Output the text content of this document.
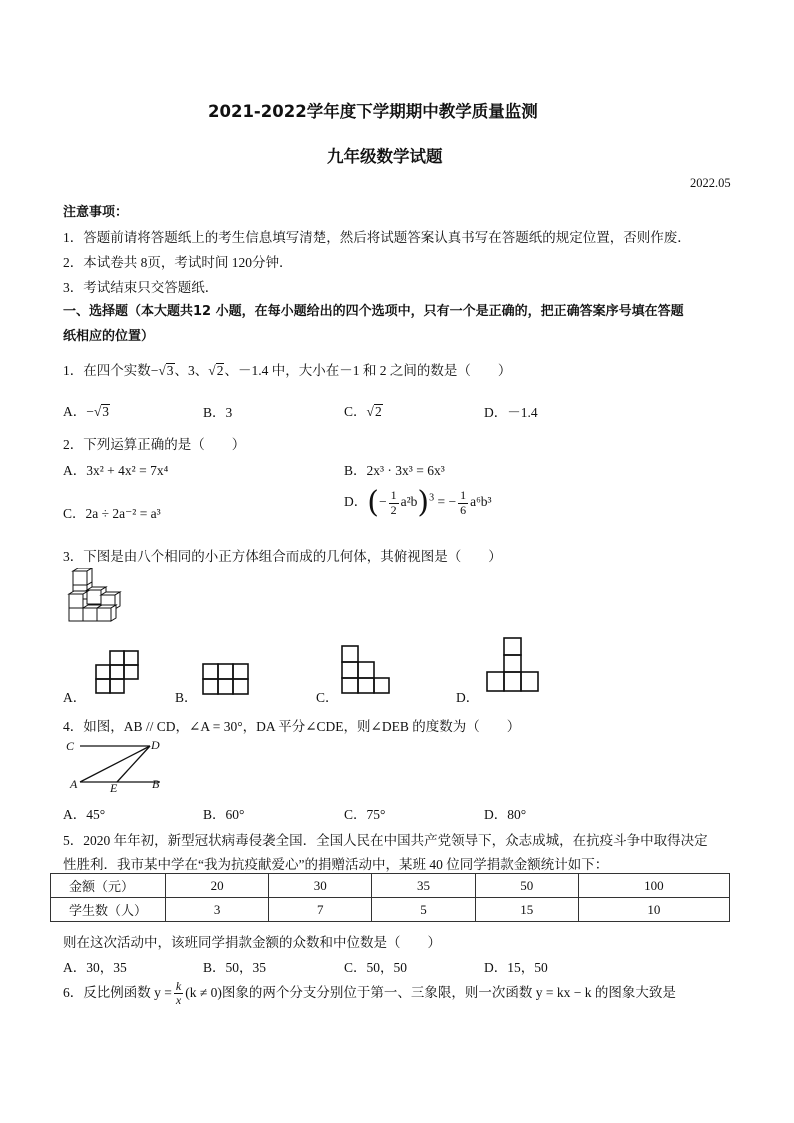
2021-2022学年度下学期期中教学质量监测
九年级数学试题
2022.05
注意事项：
1．答题前请将答题纸上的考生信息填写清楚，然后将试题答案认真书写在答题纸的规定位置，否则作废．
2．本试卷共 8页，考试时间 120分钟．
3．考试结束只交答题纸．
一、选择题（本大题共12 小题，在每小题给出的四个选项中，只有一个是正确的，把正确答案序号填在答题
纸相应的位置）
1．在四个实数−√3、3、√2、－1.4 中，大小在－1 和 2 之间的数是（　　）
A．−√3	B．3	C．√2	D．－1.4
2．下列运算正确的是（　　）
A．3x² + 4x² = 7x⁴	B．2x³ · 3x³ = 6x³
C．2a ÷ 2a⁻² = a³
D．(− $\frac{1}{2} a^2b)^3$ = − $\frac{1}{6} a^6b^3$
3．下图是由八个相同的小正方体组合而成的几何体，其俯视图是（　　）
A．	B．	C．	D．
4．如图，AB // CD，∠A = 30°，DA 平分∠CDE，则∠DEB 的度数为（　　）
C	D
A	E	B
A．45°	B．60°	C．75°	D．80°
5．2020 年年初，新型冠状病毒侵袭全国．全国人民在中国共产党领导下，众志成城，在抗疫斗争中取得决定
性胜利．我市某中学在“我为抗疫献爱心”的捐赠活动中，某班 40 位同学捐款金额统计如下：
金额（元）	20	30	35	50	100
学生数（人）	3	7	5	15	10
则在这次活动中，该班同学捐款金额的众数和中位数是（　　）
A．30，35	B．50，35	C．50，50	D．15，50
6．反比例函数 $y = \frac{k}{x} (k \ne 0)$图象的两个分支分别位于第一、三象限，则一次函数 y = kx − k 的图象大致是
